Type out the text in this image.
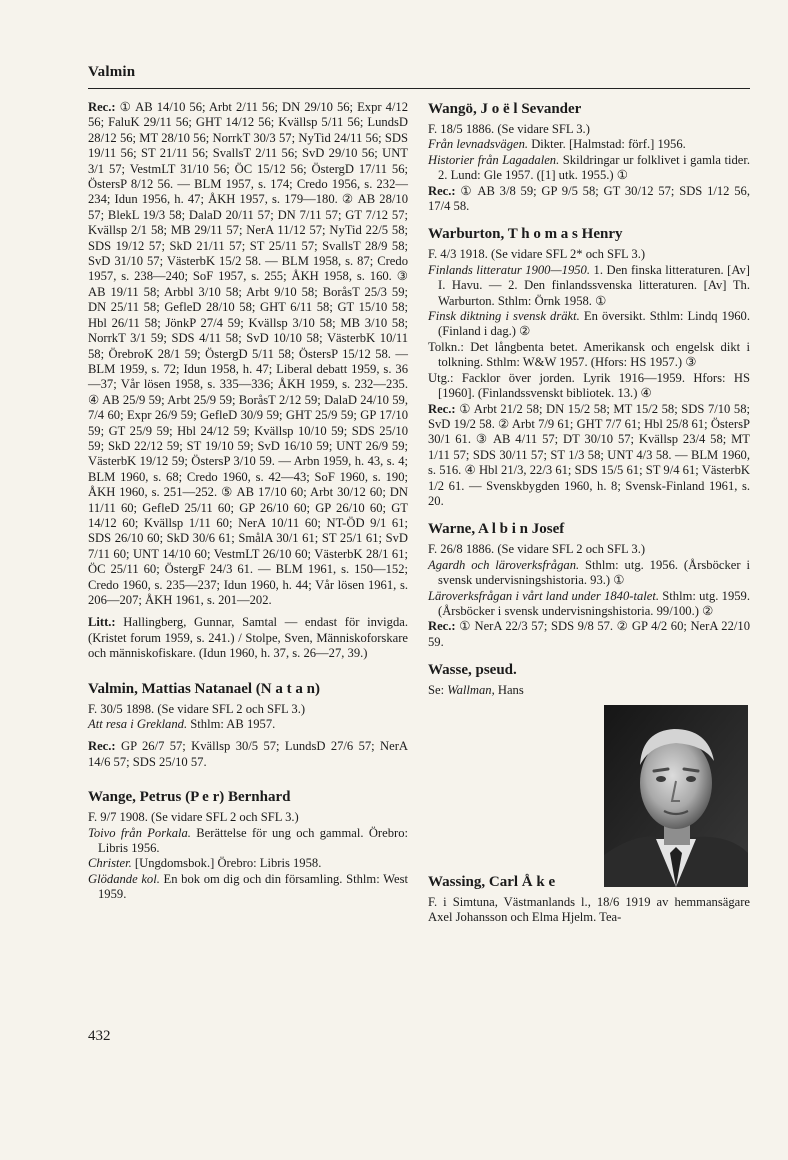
Valmin

Rec.: ① AB 14/10 56; Arbt 2/11 56; DN 29/10 56; Expr 4/12 56; FaluK 29/11 56; GHT 14/12 56; Kvällsp 5/11 56; LundsD 28/12 56; MT 28/10 56; NorrkT 30/3 57; NyTid 24/11 56; SDS 19/11 56; ST 21/11 56; SvallsT 2/11 56; SvD 29/10 56; UNT 3/1 57; VestmLT 31/10 56; ÖC 15/12 56; ÖstergD 17/11 56; ÖstersP 8/12 56. — BLM 1957, s. 174; Credo 1956, s. 232—234; Idun 1956, h. 47; ÅKH 1957, s. 179—180. ② AB 28/10 57; BlekL 19/3 58; DalaD 20/11 57; DN 7/11 57; GT 7/12 57; Kvällsp 2/1 58; MB 29/11 57; NerA 11/12 57; NyTid 22/5 58; SDS 19/12 57; SkD 21/11 57; ST 25/11 57; SvallsT 28/9 58; SvD 31/10 57; VästerbK 15/2 58. — BLM 1958, s. 87; Credo 1957, s. 238—240; SoF 1957, s. 255; ÅKH 1958, s. 160. ③ AB 19/11 58; Arbbl 3/10 58; Arbt 9/10 58; BoråsT 25/3 59; DN 25/11 58; GefleD 28/10 58; GHT 6/11 58; GT 15/10 58; Hbl 26/11 58; JönkP 27/4 59; Kvällsp 3/10 58; MB 3/10 58; NorrkT 3/1 59; SDS 4/11 58; SvD 10/10 58; VästerbK 10/11 58; ÖrebroK 28/1 59; ÖstergD 5/11 58; ÖstersP 15/12 58. — BLM 1959, s. 72; Idun 1958, h. 47; Liberal debatt 1959, s. 36—37; Vår lösen 1958, s. 335—336; ÅKH 1959, s. 232—235. ④ AB 25/9 59; Arbt 25/9 59; BoråsT 2/12 59; DalaD 24/10 59, 7/4 60; Expr 26/9 59; GefleD 30/9 59; GHT 25/9 59; GP 17/10 59; GT 25/9 59; Hbl 24/12 59; Kvällsp 10/10 59; SDS 25/10 59; SkD 22/12 59; ST 19/10 59; SvD 16/10 59; UNT 26/9 59; VästerbK 19/12 59; ÖstersP 3/10 59. — Arbn 1959, h. 43, s. 4; BLM 1960, s. 68; Credo 1960, s. 42—43; SoF 1960, s. 190; ÅKH 1960, s. 251—252. ⑤ AB 17/10 60; Arbt 30/12 60; DN 11/11 60; GefleD 25/11 60; GP 26/10 60; GP 26/10 60; GT 14/12 60; Kvällsp 1/11 60; NerA 10/11 60; NT-ÖD 9/1 61; SDS 26/10 60; SkD 30/6 61; SmålA 30/1 61; ST 25/1 61; SvD 7/11 60; UNT 14/10 60; VestmLT 26/10 60; VästerbK 28/1 61; ÖC 25/11 60; ÖstergF 24/3 61. — BLM 1961, s. 150—152; Credo 1960, s. 235—237; Idun 1960, h. 44; Vår lösen 1961, s. 206—207; ÅKH 1961, s. 201—202.

Litt.: Hallingberg, Gunnar, Samtal — endast för invigda. (Kristet forum 1959, s. 241.) / Stolpe, Sven, Människoforskare och människofiskare. (Idun 1960, h. 37, s. 26—27, 39.)

Valmin, Mattias Natanael (N a t a n)

F. 30/5 1898. (Se vidare SFL 2 och SFL 3.)

Att resa i Grekland. Sthlm: AB 1957.

Rec.: GP 26/7 57; Kvällsp 30/5 57; LundsD 27/6 57; NerA 14/6 57; SDS 25/10 57.

Wange, Petrus (P e r) Bernhard

F. 9/7 1908. (Se vidare SFL 2 och SFL 3.)

Toivo från Porkala. Berättelse för ung och gammal. Örebro: Libris 1956.

Christer. [Ungdomsbok.] Örebro: Libris 1958.

Glödande kol. En bok om dig och din församling. Sthlm: West 1959.

Wangö, J o ë l Sevander

F. 18/5 1886. (Se vidare SFL 3.)

Från levnadsvägen. Dikter. [Halmstad: förf.] 1956.

Historier från Lagadalen. Skildringar ur folklivet i gamla tider. 2. Lund: Gle 1957. ([1] utk. 1955.) ①

Rec.: ① AB 3/8 59; GP 9/5 58; GT 30/12 57; SDS 1/12 56, 17/4 58.

Warburton, T h o m a s Henry

F. 4/3 1918. (Se vidare SFL 2* och SFL 3.)

Finlands litteratur 1900—1950. 1. Den finska litteraturen. [Av] I. Havu. — 2. Den finlandssvenska litteraturen. [Av] Th. Warburton. Sthlm: Örnk 1958. ①

Finsk diktning i svensk dräkt. En översikt. Sthlm: Lindq 1960. (Finland i dag.) ②

Tolkn.: Det långbenta betet. Amerikansk och engelsk dikt i tolkning. Sthlm: W&W 1957. (Hfors: HS 1957.) ③

Utg.: Facklor över jorden. Lyrik 1916—1959. Hfors: HS [1960]. (Finlandssvenskt bibliotek. 13.) ④

Rec.: ① Arbt 21/2 58; DN 15/2 58; MT 15/2 58; SDS 7/10 58; SvD 19/2 58. ② Arbt 7/9 61; GHT 7/7 61; Hbl 25/8 61; ÖstersP 30/1 61. ③ AB 4/11 57; DT 30/10 57; Kvällsp 23/4 58; MT 1/11 57; SDS 30/11 57; ST 1/3 58; UNT 4/3 58. — BLM 1960, s. 516. ④ Hbl 21/3, 22/3 61; SDS 15/5 61; ST 9/4 61; VästerbK 1/2 61. — Svenskbygden 1960, h. 8; Svensk-Finland 1961, s. 20.

Warne, A l b i n Josef

F. 26/8 1886. (Se vidare SFL 2 och SFL 3.)

Agardh och läroverksfrågan. Sthlm: utg. 1956. (Årsböcker i svensk undervisningshistoria. 93.) ①

Läroverksfrågan i vårt land under 1840-talet. Sthlm: utg. 1959. (Årsböcker i svensk undervisningshistoria. 99/100.) ②

Rec.: ① NerA 22/3 57; SDS 9/8 57. ② GP 4/2 60; NerA 22/10 59.

Wasse, pseud.

Se: Wallman, Hans

Wassing, Carl Å k e

F. i Simtuna, Västmanlands l., 18/6 1919 av hemmansägare Axel Johansson och Elma Hjelm. Tea-

432
